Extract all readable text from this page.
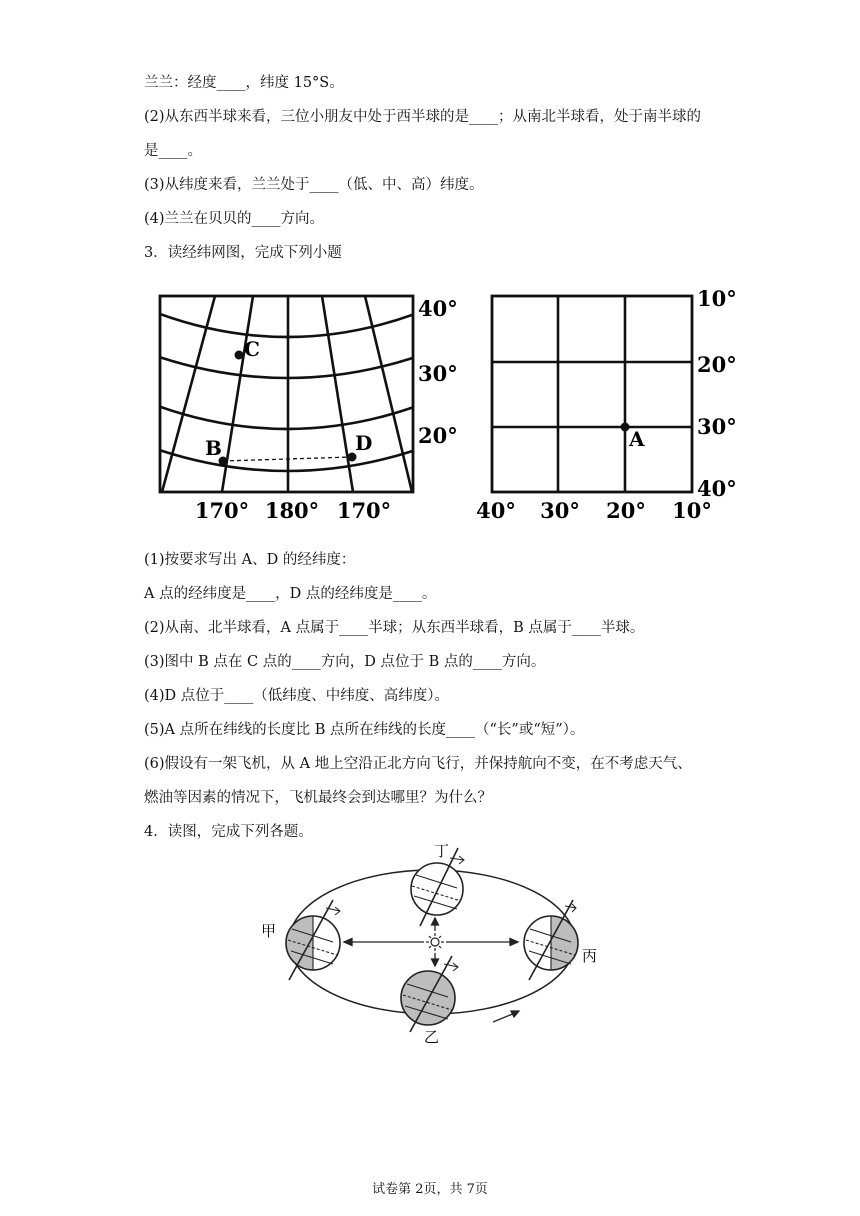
兰兰：经度____，纬度 15°S。
(2)从东西半球来看，三位小朋友中处于西半球的是____；从南北半球看，处于南半球的
是____。
(3)从纬度来看，兰兰处于____（低、中、高）纬度。
(4)兰兰在贝贝的____方向。
3．读经纬网图，完成下列小题
C
B	D
40°
30°
20°
170° 180° 170°
A
10°
20°
30°
40°
40° 30° 20° 10°
(1)按要求写出 A、D 的经纬度：
A 点的经纬度是____，D 点的经纬度是____。
(2)从南、北半球看，A 点属于____半球；从东西半球看，B 点属于____半球。
(3)图中 B 点在 C 点的____方向，D 点位于 B 点的____方向。
(4)D 点位于____（低纬度、中纬度、高纬度）。
(5)A 点所在纬线的长度比 B 点所在纬线的长度____（“长”或“短”）。
(6)假设有一架飞机，从 A 地上空沿正北方向飞行，并保持航向不变，在不考虑天气、
燃油等因素的情况下，飞机最终会到达哪里？为什么？
4．读图，完成下列各题。
丁
甲
丙
乙
试卷第 2页，共 7页
